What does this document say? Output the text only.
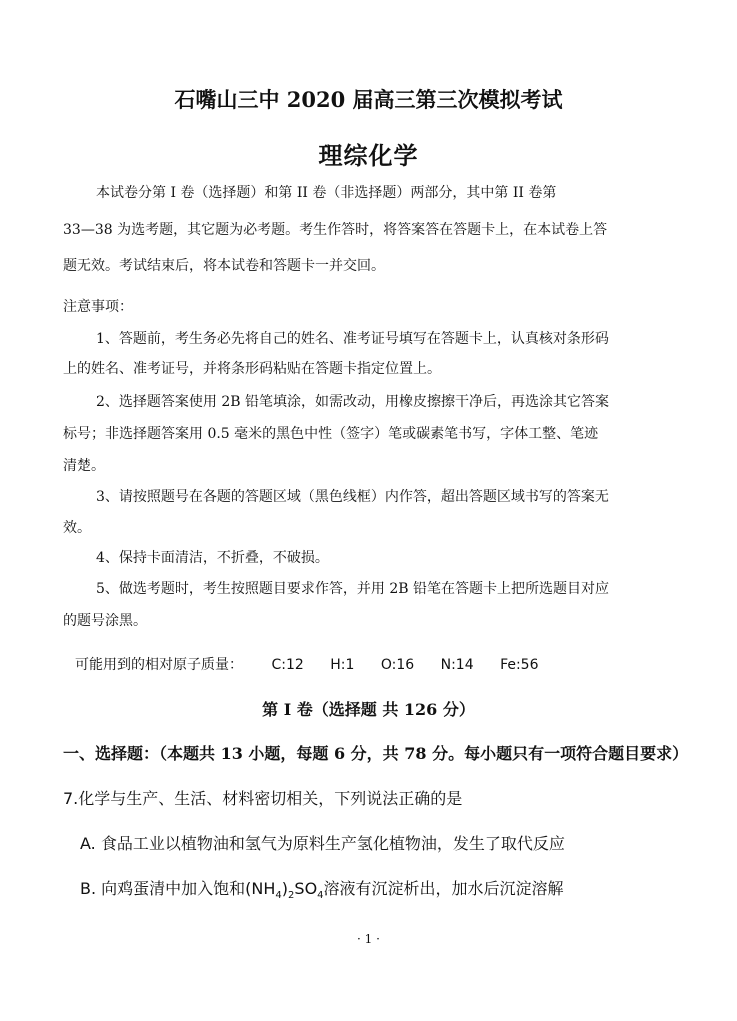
石嘴山三中 2020 届高三第三次模拟考试
理综化学
本试卷分第 I 卷（选择题）和第 II 卷（非选择题）两部分，其中第 II 卷第
33—38 为选考题，其它题为必考题。考生作答时，将答案答在答题卡上，在本试卷上答
题无效。考试结束后，将本试卷和答题卡一并交回。
注意事项：
1、答题前，考生务必先将自己的姓名、准考证号填写在答题卡上，认真核对条形码
上的姓名、准考证号，并将条形码粘贴在答题卡指定位置上。
2、选择题答案使用 2B 铅笔填涂，如需改动，用橡皮擦擦干净后，再选涂其它答案
标号；非选择题答案用 0.5 毫米的黑色中性（签字）笔或碳素笔书写，字体工整、笔迹
清楚。
3、请按照题号在各题的答题区域（黑色线框）内作答，超出答题区域书写的答案无
效。
4、保持卡面清洁，不折叠，不破损。
5、做选考题时，考生按照题目要求作答，并用 2B 铅笔在答题卡上把所选题目对应
的题号涂黑。
可能用到的相对原子质量： C:12 H:1 O:16 N:14 Fe:56
第 I 卷（选择题 共 126 分）
一、选择题：（本题共 13 小题，每题 6 分，共 78 分。每小题只有一项符合题目要求）
7.化学与生产、生活、材料密切相关，下列说法正确的是
A. 食品工业以植物油和氢气为原料生产氢化植物油，发生了取代反应
B. 向鸡蛋清中加入饱和$(NH_4)_2SO_4$溶液有沉淀析出，加水后沉淀溶解
· 1 ·
